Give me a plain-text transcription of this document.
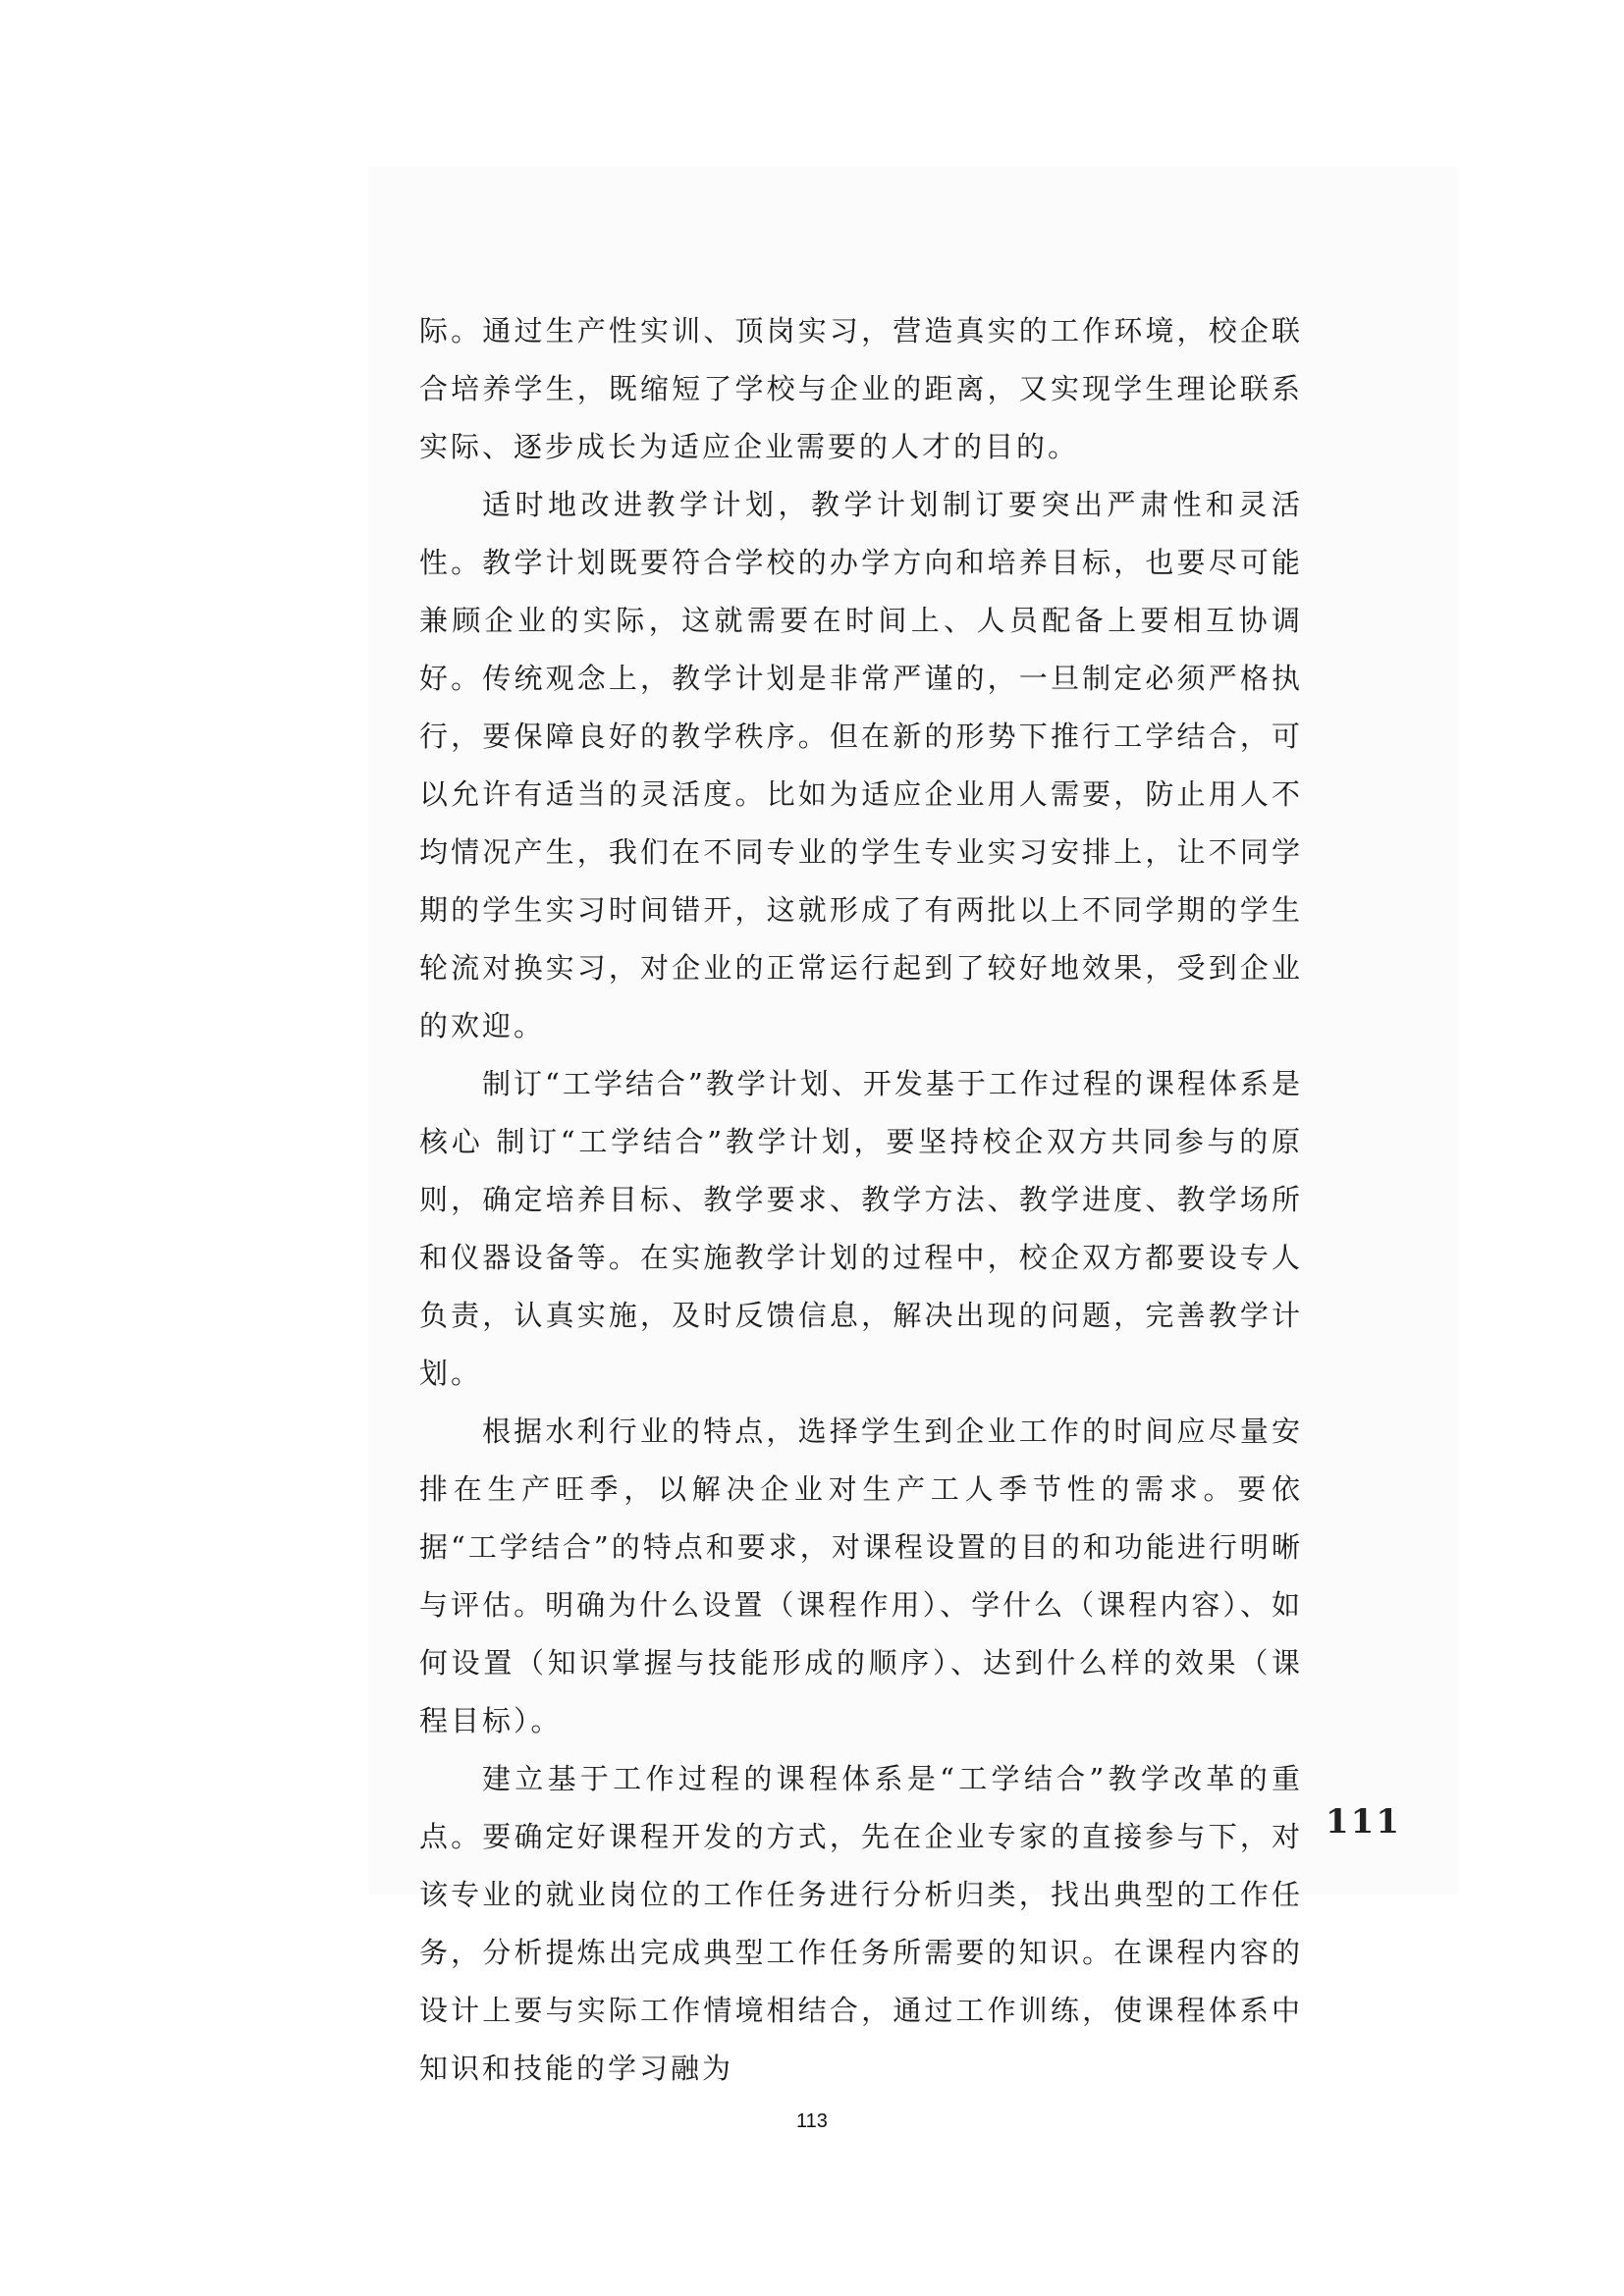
际。通过生产性实训、顶岗实习，营造真实的工作环境，校企联合培养学生，既缩短了学校与企业的距离，又实现学生理论联系实际、逐步成长为适应企业需要的人才的目的。

适时地改进教学计划，教学计划制订要突出严肃性和灵活性。教学计划既要符合学校的办学方向和培养目标，也要尽可能兼顾企业的实际，这就需要在时间上、人员配备上要相互协调好。传统观念上，教学计划是非常严谨的，一旦制定必须严格执行，要保障良好的教学秩序。但在新的形势下推行工学结合，可以允许有适当的灵活度。比如为适应企业用人需要，防止用人不均情况产生，我们在不同专业的学生专业实习安排上，让不同学期的学生实习时间错开，这就形成了有两批以上不同学期的学生轮流对换实习，对企业的正常运行起到了较好地效果，受到企业的欢迎。

制订“工学结合”教学计划、开发基于工作过程的课程体系是核心 制订“工学结合”教学计划，要坚持校企双方共同参与的原则，确定培养目标、教学要求、教学方法、教学进度、教学场所和仪器设备等。在实施教学计划的过程中，校企双方都要设专人负责，认真实施，及时反馈信息，解决出现的问题，完善教学计划。

根据水利行业的特点，选择学生到企业工作的时间应尽量安排在生产旺季，以解决企业对生产工人季节性的需求。要依据“工学结合”的特点和要求，对课程设置的目的和功能进行明晰与评估。明确为什么设置（课程作用）、学什么（课程内容）、如何设置（知识掌握与技能形成的顺序）、达到什么样的效果（课程目标）。

建立基于工作过程的课程体系是“工学结合”教学改革的重点。要确定好课程开发的方式，先在企业专家的直接参与下，对该专业的就业岗位的工作任务进行分析归类，找出典型的工作任务，分析提炼出完成典型工作任务所需要的知识。在课程内容的设计上要与实际工作情境相结合，通过工作训练，使课程体系中知识和技能的学习融为

111
113
